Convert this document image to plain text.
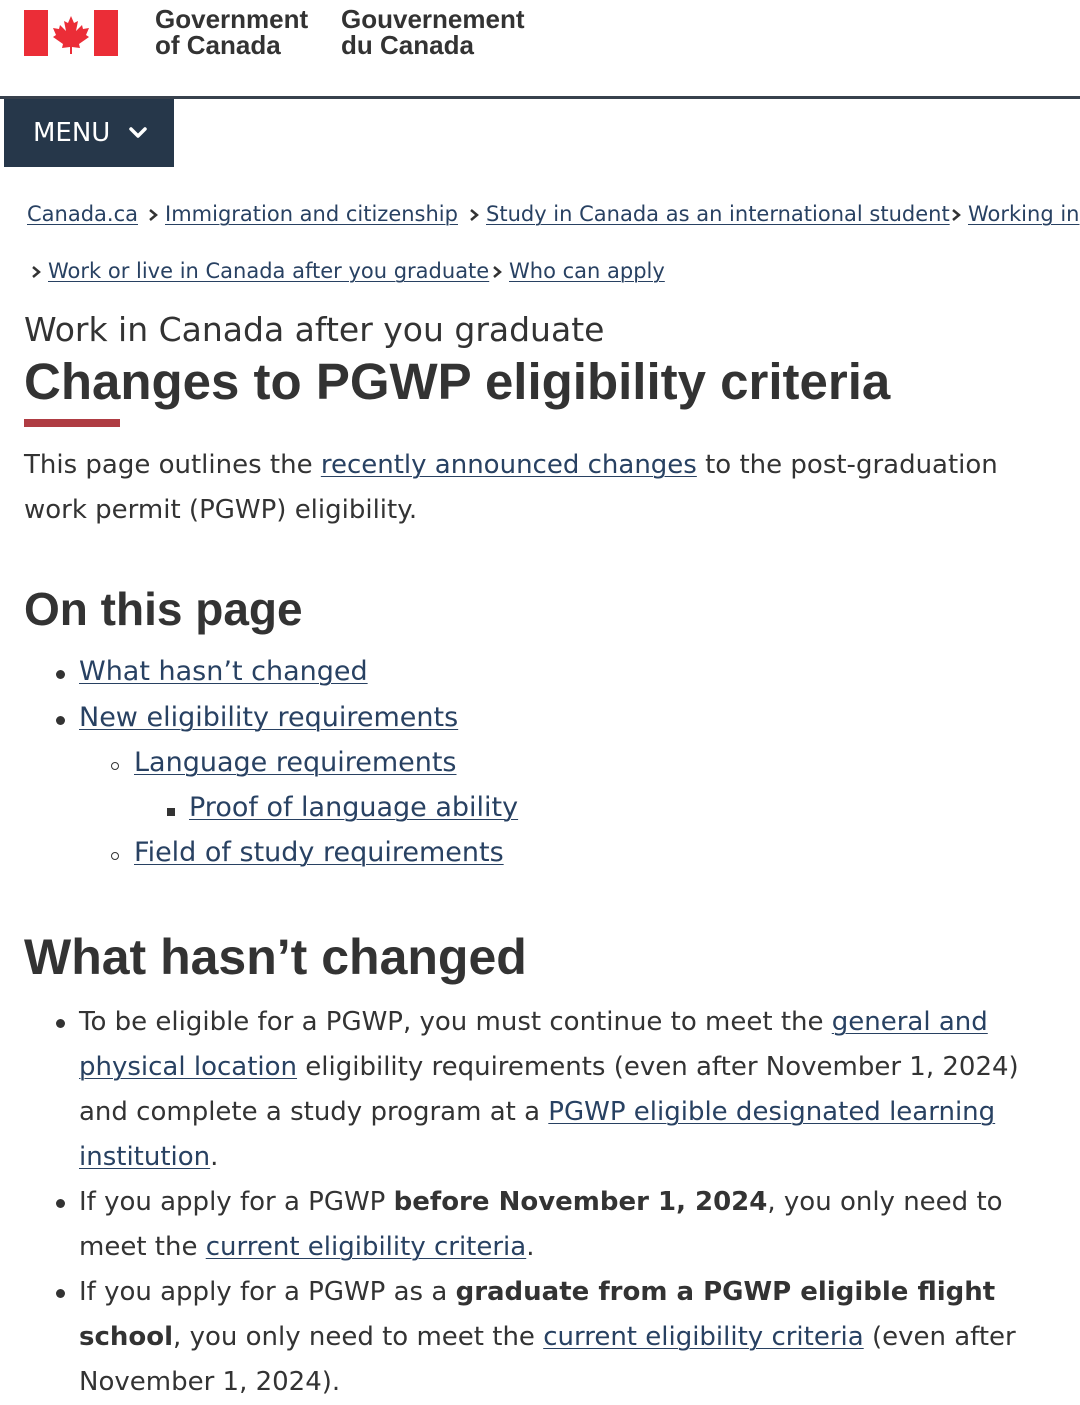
Government
of Canada
Gouvernement
du Canada
MENU
Canada.ca	Immigration and citizenship	Study in Canada as an international student Working in
Work or live in Canada after you graduate Who can apply

Work in Canada after you graduate

Changes to PGWP eligibility criteria

This page outlines the recently announced changes to the post-graduation work permit (PGWP) eligibility.

On this page
What hasn’t changed
New eligibility requirements
Language requirements
Proof of language ability
Field of study requirements
What hasn’t changed
To be eligible for a PGWP, you must continue to meet the general and physical location eligibility requirements (even after November 1, 2024) and complete a study program at a PGWP eligible designated learning institution.
If you apply for a PGWP before November 1, 2024, you only need to meet the current eligibility criteria.
If you apply for a PGWP as a graduate from a PGWP eligible flight school, you only need to meet the current eligibility criteria (even after November 1, 2024).
